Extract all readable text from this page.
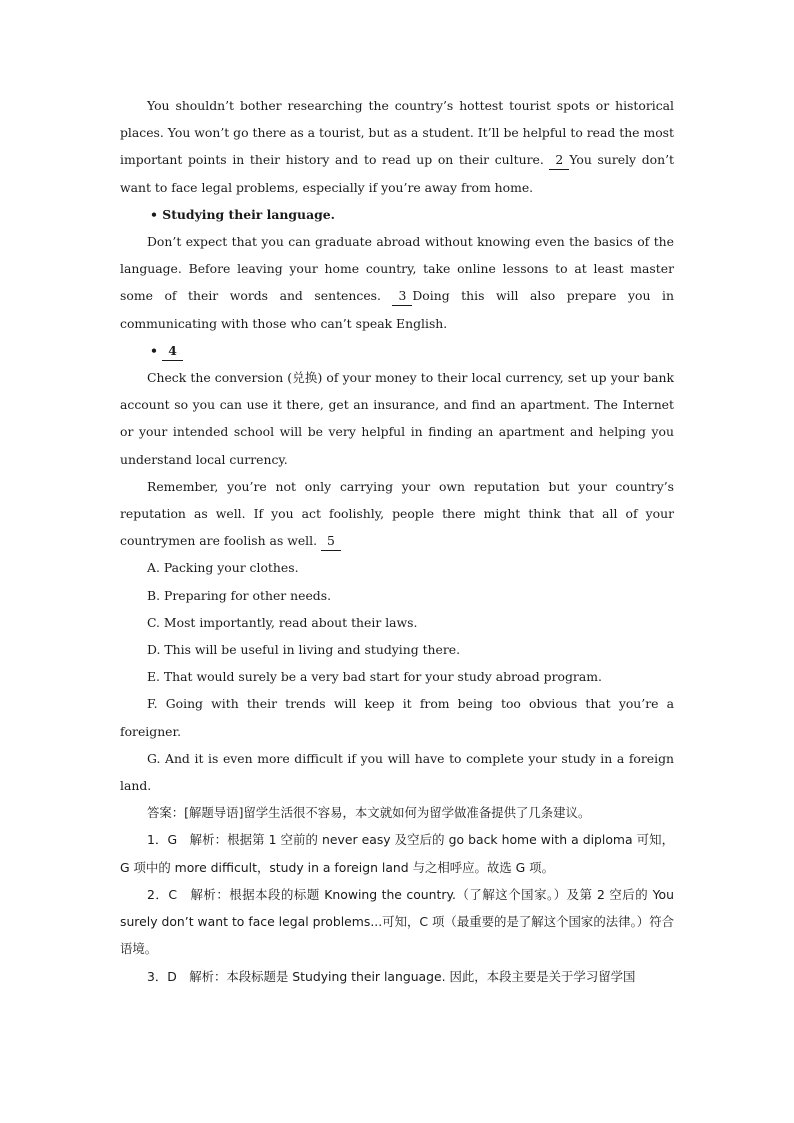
You shouldn’t bother researching the country’s hottest tourist spots or historical places. You won’t go there as a tourist, but as a student. It’ll be helpful to read the most important points in their history and to read up on their culture. 2 You surely don’t want to face legal problems, especially if you’re away from home.

• Studying their language.

Don’t expect that you can graduate abroad without knowing even the basics of the language. Before leaving your home country, take online lessons to at least master some of their words and sentences. 3 Doing this will also prepare you in communicating with those who can’t speak English.

• 4

Check the conversion (兑换) of your money to their local currency, set up your bank account so you can use it there, get an insurance, and find an apartment. The Internet or your intended school will be very helpful in finding an apartment and helping you understand local currency.

Remember, you’re not only carrying your own reputation but your country’s reputation as well. If you act foolishly, people there might think that all of your countrymen are foolish as well. 5

A. Packing your clothes.

B. Preparing for other needs.

C. Most importantly, read about their laws.

D. This will be useful in living and studying there.

E. That would surely be a very bad start for your study abroad program.

F. Going with their trends will keep it from being too obvious that you’re a foreigner.

G. And it is even more difficult if you will have to complete your study in a foreign land.

答案：[解题导语]留学生活很不容易，本文就如何为留学做准备提供了几条建议。

1．G　解析：根据第 1 空前的 never easy 及空后的 go back home with a diploma 可知，G 项中的 more difficult，study in a foreign land 与之相呼应。故选 G 项。

2．C　解析：根据本段的标题 Knowing the country.（了解这个国家。）及第 2 空后的 You surely don’t want to face legal problems...可知，C 项（最重要的是了解这个国家的法律。）符合语境。

3．D　解析：本段标题是 Studying their language. 因此，本段主要是关于学习留学国
